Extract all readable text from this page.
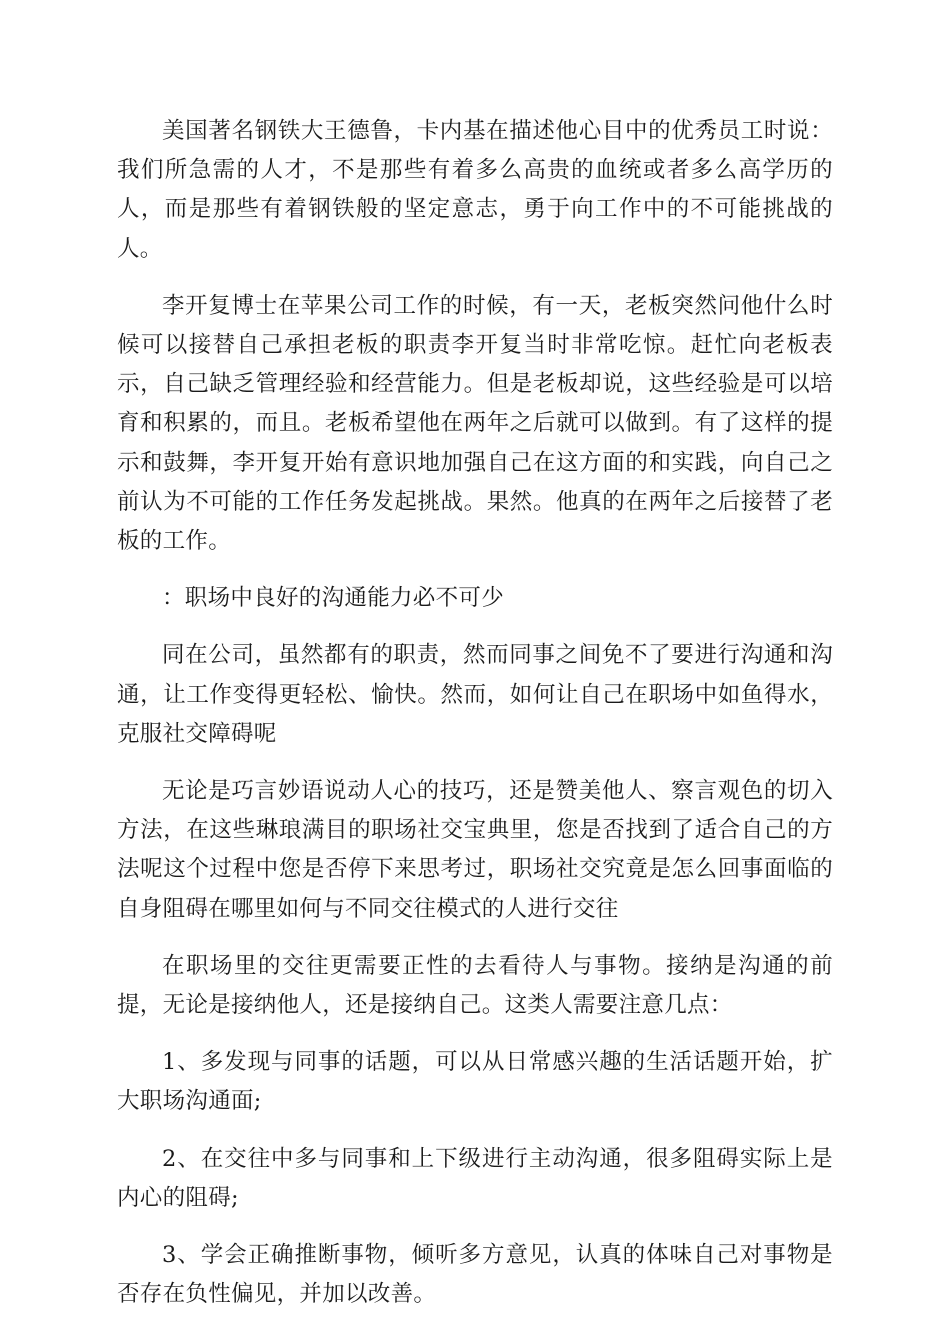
美国著名钢铁大王德鲁，卡内基在描述他心目中的优秀员工时说：我们所急需的人才，不是那些有着多么高贵的血统或者多么高学历的人，而是那些有着钢铁般的坚定意志，勇于向工作中的不可能挑战的人。

李开复博士在苹果公司工作的时候，有一天，老板突然问他什么时候可以接替自己承担老板的职责李开复当时非常吃惊。赶忙向老板表示，自己缺乏管理经验和经营能力。但是老板却说，这些经验是可以培育和积累的，而且。老板希望他在两年之后就可以做到。有了这样的提示和鼓舞，李开复开始有意识地加强自己在这方面的和实践，向自己之前认为不可能的工作任务发起挑战。果然。他真的在两年之后接替了老板的工作。

：职场中良好的沟通能力必不可少

同在公司，虽然都有的职责，然而同事之间免不了要进行沟通和沟通，让工作变得更轻松、愉快。然而，如何让自己在职场中如鱼得水，克服社交障碍呢

无论是巧言妙语说动人心的技巧，还是赞美他人、察言观色的切入方法，在这些琳琅满目的职场社交宝典里，您是否找到了适合自己的方法呢这个过程中您是否停下来思考过，职场社交究竟是怎么回事面临的自身阻碍在哪里如何与不同交往模式的人进行交往

在职场里的交往更需要正性的去看待人与事物。接纳是沟通的前提，无论是接纳他人，还是接纳自己。这类人需要注意几点：

1、多发现与同事的话题，可以从日常感兴趣的生活话题开始，扩大职场沟通面;

2、在交往中多与同事和上下级进行主动沟通，很多阻碍实际上是内心的阻碍;

3、学会正确推断事物，倾听多方意见，认真的体味自己对事物是否存在负性偏见，并加以改善。
